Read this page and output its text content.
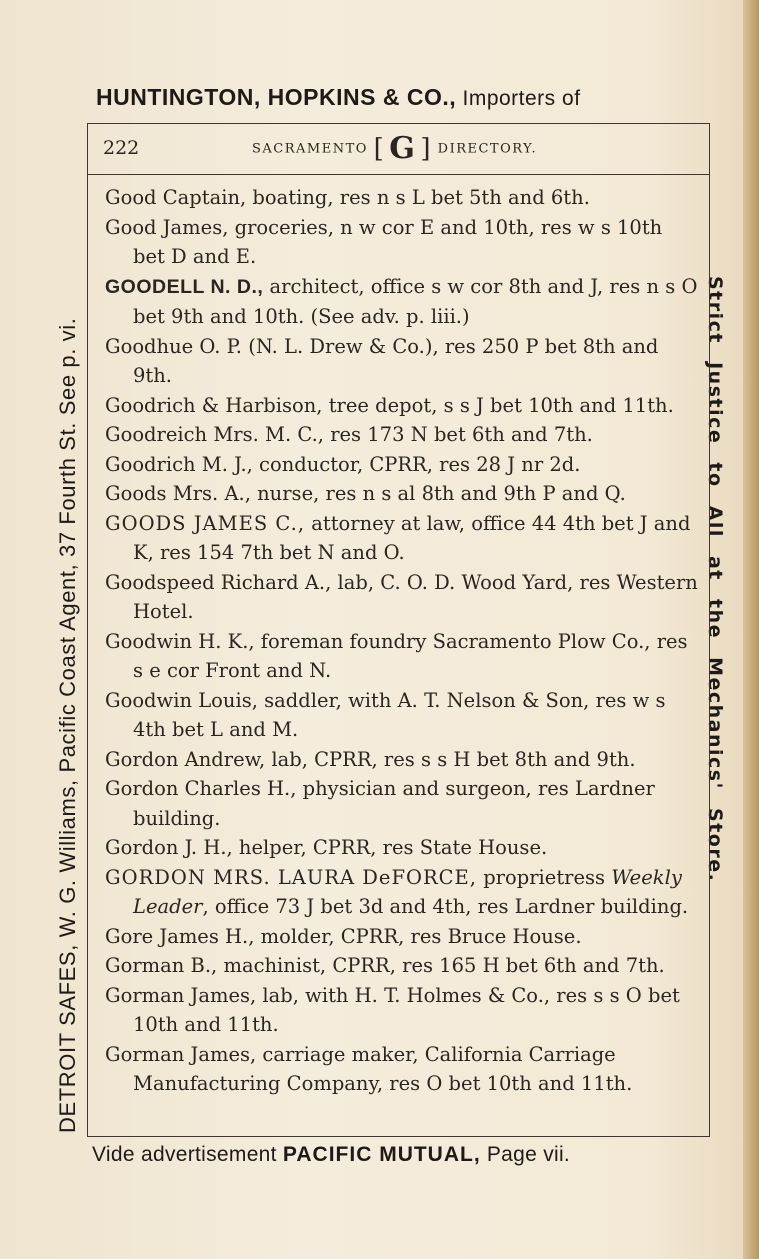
HUNTINGTON, HOPKINS & CO., Importers of
DETROIT SAFES, W. G. Williams, Pacific Coast Agent, 37 Fourth St. See p. vi.	Strict Justice to All at the Mechanics' Store.
222	SACRAMENTO [ G ] DIRECTORY.

Good Captain, boating, res n s L bet 5th and 6th.

Good James, groceries, n w cor E and 10th, res w s 10th bet D and E.

GOODELL N. D., architect, office s w cor 8th and J, res n s O bet 9th and 10th. (See adv. p. liii.)

Goodhue O. P. (N. L. Drew & Co.), res 250 P bet 8th and 9th.

Goodrich & Harbison, tree depot, s s J bet 10th and 11th.

Goodreich Mrs. M. C., res 173 N bet 6th and 7th.

Goodrich M. J., conductor, CPRR, res 28 J nr 2d.

Goods Mrs. A., nurse, res n s al 8th and 9th P and Q.

GOODS JAMES C., attorney at law, office 44 4th bet J and K, res 154 7th bet N and O.

Goodspeed Richard A., lab, C. O. D. Wood Yard, res Western Hotel.

Goodwin H. K., foreman foundry Sacramento Plow Co., res s e cor Front and N.

Goodwin Louis, saddler, with A. T. Nelson & Son, res w s 4th bet L and M.

Gordon Andrew, lab, CPRR, res s s H bet 8th and 9th.

Gordon Charles H., physician and surgeon, res Lardner building.

Gordon J. H., helper, CPRR, res State House.

GORDON MRS. LAURA DeFORCE, proprietress Weekly Leader, office 73 J bet 3d and 4th, res Lardner building.

Gore James H., molder, CPRR, res Bruce House.

Gorman B., machinist, CPRR, res 165 H bet 6th and 7th.

Gorman James, lab, with H. T. Holmes & Co., res s s O bet 10th and 11th.

Gorman James, carriage maker, California Carriage Manufacturing Company, res O bet 10th and 11th.

Vide advertisement PACIFIC MUTUAL, Page vii.
